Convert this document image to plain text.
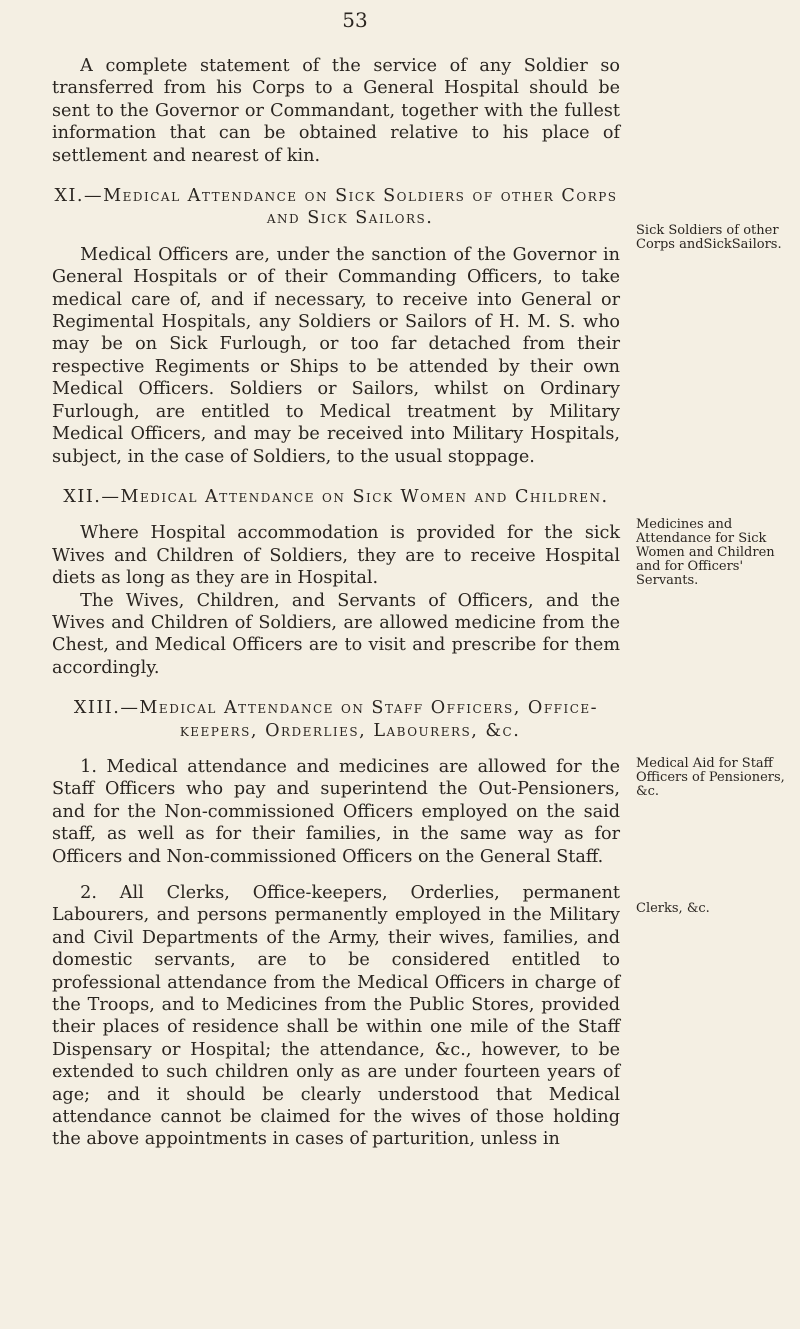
53

A complete statement of the service of any Soldier so transferred from his Corps to a General Hospital should be sent to the Governor or Commandant, together with the fullest information that can be obtained relative to his place of settlement and nearest of kin.

XI.—Medical Attendance on Sick Soldiers of other Corps and Sick Sailors.

Medical Officers are, under the sanction of the Governor in General Hospitals or of their Commanding Officers, to take medical care of, and if necessary, to receive into General or Regimental Hospitals, any Soldiers or Sailors of H. M. S. who may be on Sick Furlough, or too far detached from their respective Regiments or Ships to be attended by their own Medical Officers. Soldiers or Sailors, whilst on Ordinary Furlough, are entitled to Medical treatment by Military Medical Officers, and may be received into Military Hospitals, subject, in the case of Soldiers, to the usual stoppage.

XII.—Medical Attendance on Sick Women and Children.

Where Hospital accommodation is provided for the sick Wives and Children of Soldiers, they are to receive Hospital diets as long as they are in Hospital.

The Wives, Children, and Servants of Officers, and the Wives and Children of Soldiers, are allowed medicine from the Chest, and Medical Officers are to visit and prescribe for them accordingly.

XIII.—Medical Attendance on Staff Officers, Office-keepers, Orderlies, Labourers, &c.

1. Medical attendance and medicines are allowed for the Staff Officers who pay and superintend the Out-Pensioners, and for the Non-commissioned Officers employed on the said staff, as well as for their families, in the same way as for Officers and Non-commissioned Officers on the General Staff.

2. All Clerks, Office-keepers, Orderlies, permanent Labourers, and persons permanently employed in the Military and Civil Departments of the Army, their wives, families, and domestic servants, are to be considered entitled to professional attendance from the Medical Officers in charge of the Troops, and to Medicines from the Public Stores, provided their places of residence shall be within one mile of the Staff Dispensary or Hospital; the attendance, &c., however, to be extended to such children only as are under fourteen years of age; and it should be clearly understood that Medical attendance cannot be claimed for the wives of those holding the above appointments in cases of parturition, unless in

Sick Soldiers of other Corps andSickSailors.
Medicines and Attendance for Sick Women and Children and for Officers' Servants.
Medical Aid for Staff Officers of Pensioners, &c.
Clerks, &c.
